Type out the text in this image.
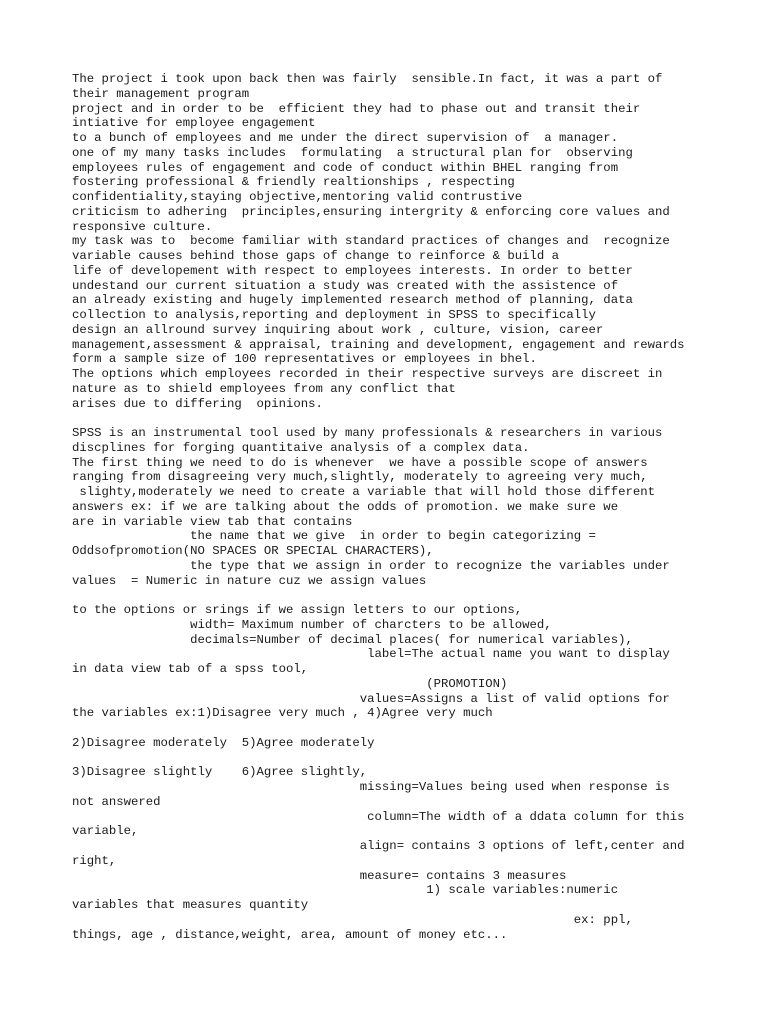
The project i took upon back then was fairly  sensible.In fact, it was a part of
their management program
project and in order to be  efficient they had to phase out and transit their
intiative for employee engagement
to a bunch of employees and me under the direct supervision of  a manager.
one of my many tasks includes  formulating  a structural plan for  observing
employees rules of engagement and code of conduct within BHEL ranging from
fostering professional & friendly realtionships , respecting
confidentiality,staying objective,mentoring valid contrustive
criticism to adhering  principles,ensuring intergrity & enforcing core values and
responsive culture.
my task was to  become familiar with standard practices of changes and  recognize
variable causes behind those gaps of change to reinforce & build a
life of developement with respect to employees interests. In order to better
undestand our current situation a study was created with the assistence of
an already existing and hugely implemented research method of planning, data
collection to analysis,reporting and deployment in SPSS to specifically
design an allround survey inquiring about work , culture, vision, career
management,assessment & appraisal, training and development, engagement and rewards
form a sample size of 100 representatives or employees in bhel.
The options which employees recorded in their respective surveys are discreet in
nature as to shield employees from any conflict that
arises due to differing  opinions.
SPSS is an instrumental tool used by many professionals & researchers in various
discplines for forging quantitaive analysis of a complex data.
The first thing we need to do is whenever  we have a possible scope of answers
ranging from disagreeing very much,slightly, moderately to agreeing very much,
slighty,moderately we need to create a variable that will hold those different
answers ex: if we are talking about the odds of promotion. we make sure we
are in variable view tab that contains
the name that we give  in order to begin categorizing =
Oddsofpromotion(NO SPACES OR SPECIAL CHARACTERS),
the type that we assign in order to recognize the variables under
values  = Numeric in nature cuz we assign values
to the options or srings if we assign letters to our options,
width= Maximum number of charcters to be allowed,
decimals=Number of decimal places( for numerical variables),
label=The actual name you want to display
in data view tab of a spss tool,
(PROMOTION)
values=Assigns a list of valid options for
the variables ex:1)Disagree very much , 4)Agree very much
2)Disagree moderately  5)Agree moderately
3)Disagree slightly    6)Agree slightly,
missing=Values being used when response is
not answered
column=The width of a ddata column for this
variable,
align= contains 3 options of left,center and
right,
measure= contains 3 measures
1) scale variables:numeric
variables that measures quantity
ex: ppl,
things, age , distance,weight, area, amount of money etc...
